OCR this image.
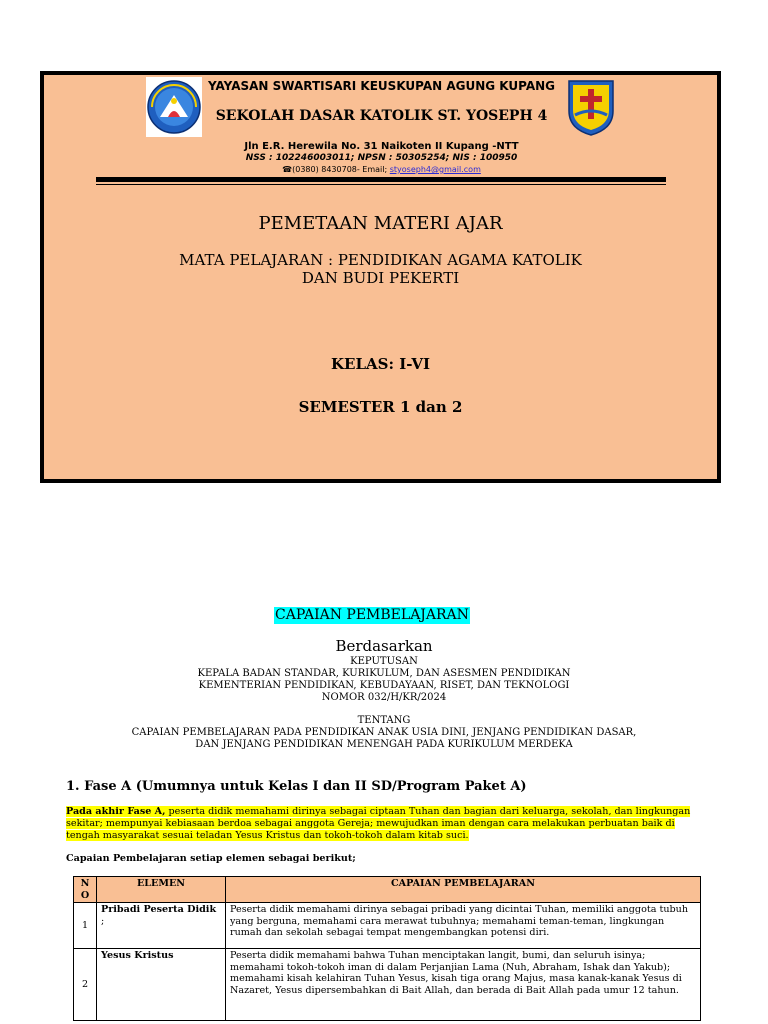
YAYASAN SWARTISARI KEUSKUPAN AGUNG KUPANG
SEKOLAH DASAR KATOLIK ST. YOSEPH 4
Jln E.R. Herewila No. 31 Naikoten II Kupang -NTT
NSS : 102246003011; NPSN : 50305254; NIS : 100950
☎(0380) 8430708- Email; styoseph4@gmail.com
PEMETAAN MATERI AJAR
MATA PELAJARAN : PENDIDIKAN AGAMA KATOLIK
DAN BUDI PEKERTI
KELAS: I-VI
SEMESTER 1 dan 2
CAPAIAN PEMBELAJARAN
Berdasarkan
KEPUTUSAN
KEPALA BADAN STANDAR, KURIKULUM, DAN ASESMEN PENDIDIKAN
KEMENTERIAN PENDIDIKAN, KEBUDAYAAN, RISET, DAN TEKNOLOGI
NOMOR 032/H/KR/2024
TENTANG
CAPAIAN PEMBELAJARAN PADA PENDIDIKAN ANAK USIA DINI, JENJANG PENDIDIKAN DASAR,
DAN JENJANG PENDIDIKAN MENENGAH PADA KURIKULUM MERDEKA
1. Fase A (Umumnya untuk Kelas I dan II SD/Program Paket A)
Pada akhir Fase A, peserta didik memahami dirinya sebagai ciptaan Tuhan dan bagian dari keluarga, sekolah, dan lingkungan sekitar; mempunyai kebiasaan berdoa sebagai anggota Gereja; mewujudkan iman dengan cara melakukan perbuatan baik di tengah masyarakat sesuai teladan Yesus Kristus dan tokoh-tokoh dalam kitab suci.
Capaian Pembelajaran setiap elemen sebagai berikut;
N O	ELEMEN	CAPAIAN PEMBELAJARAN
1	Pribadi Peserta Didik ;	Peserta didik memahami dirinya sebagai pribadi yang dicintai Tuhan, memiliki anggota tubuh yang berguna, memahami cara merawat tubuhnya; memahami teman-teman, lingkungan rumah dan sekolah sebagai tempat mengembangkan potensi diri.
2	Yesus Kristus	Peserta didik memahami bahwa Tuhan menciptakan langit, bumi, dan seluruh isinya; memahami tokoh-tokoh iman di dalam Perjanjian Lama (Nuh, Abraham, Ishak dan Yakub); memahami kisah kelahiran Tuhan Yesus, kisah tiga orang Majus, masa kanak-kanak Yesus di Nazaret, Yesus dipersembahkan di Bait Allah, dan berada di Bait Allah pada umur 12 tahun.
